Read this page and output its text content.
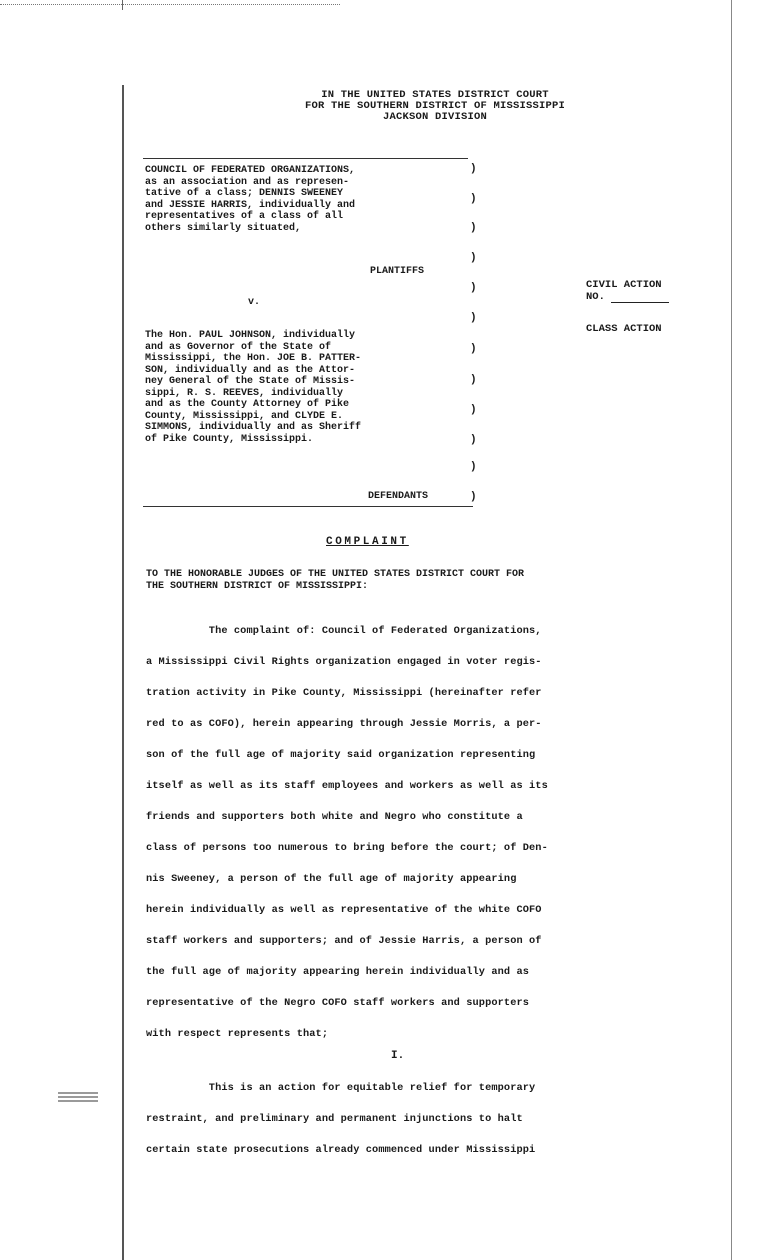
IN THE UNITED STATES DISTRICT COURT
FOR THE SOUTHERN DISTRICT OF MISSISSIPPI
JACKSON DIVISION
COUNCIL OF FEDERATED ORGANIZATIONS,
as an association and as represen-
tative of a class; DENNIS SWEENEY
and JESSIE HARRIS, individually and
representatives of a class of all
others similarly situated,
PLANTIFFS
v.
The Hon. PAUL JOHNSON, individually
and as Governor of the State of
Mississippi, the Hon. JOE B. PATTER-
SON, individually and as the Attor-
ney General of the State of Missis-
sippi, R. S. REEVES, individually
and as the County Attorney of Pike
County, Mississippi, and CLYDE E.
SIMMONS, individually and as Sheriff
of Pike County, Mississippi.
DEFENDANTS
)
)
)
)
)
)
)
)
)
)
)
)
CIVIL ACTION
NO.
CLASS ACTION
COMPLAINT
TO THE HONORABLE JUDGES OF THE UNITED STATES DISTRICT COURT FOR
THE SOUTHERN DISTRICT OF MISSISSIPPI:
The complaint of: Council of Federated Organizations,
a Mississippi Civil Rights organization engaged in voter regis-
tration activity in Pike County, Mississippi (hereinafter refer
red to as COFO), herein appearing through Jessie Morris, a per-
son of the full age of majority said organization representing
itself as well as its staff employees and workers as well as its
friends and supporters both white and Negro who constitute a
class of persons too numerous to bring before the court; of Den-
nis Sweeney, a person of the full age of majority appearing
herein individually as well as representative of the white COFO
staff workers and supporters; and of Jessie Harris, a person of
the full age of majority appearing herein individually and as
representative of the Negro COFO staff workers and supporters
with respect represents that;
I.
This is an action for equitable relief for temporary
restraint, and preliminary and permanent injunctions to halt
certain state prosecutions already commenced under Mississippi
